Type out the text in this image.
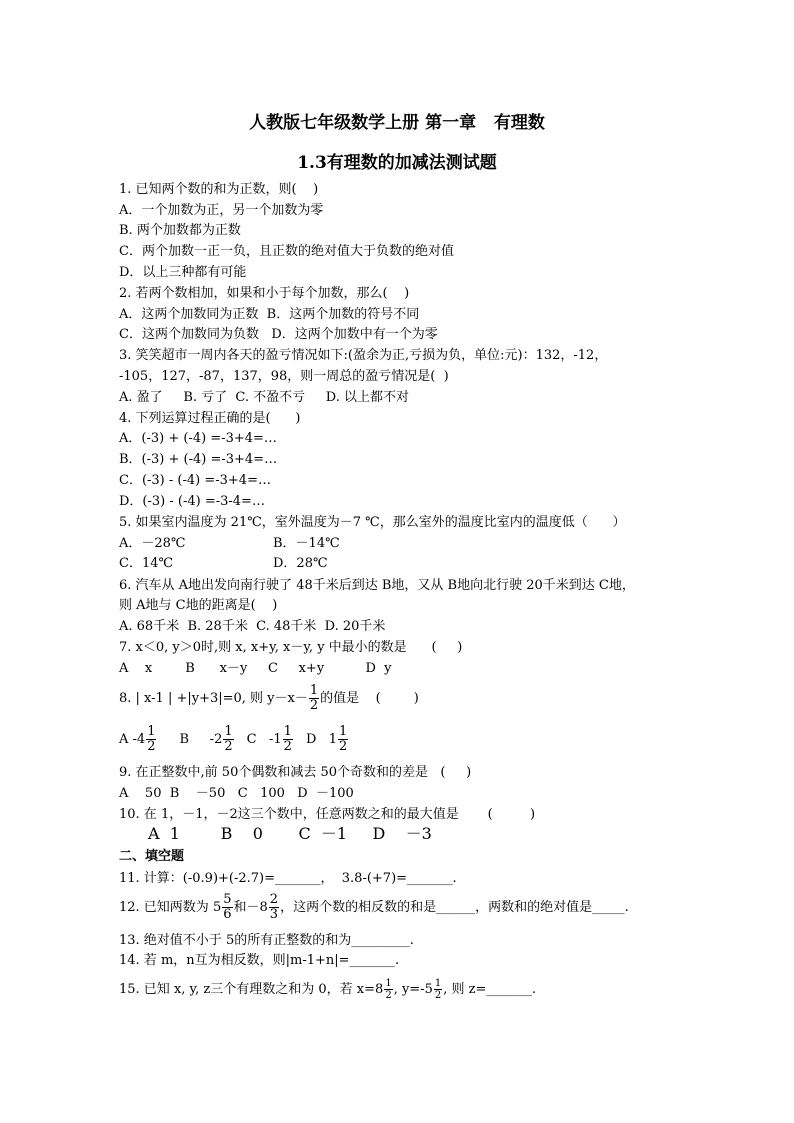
人教版七年级数学上册 第一章   有理数
1.3有理数的加减法测试题
1. 已知两个数的和为正数，则(    )
A．一个加数为正，另一个加数为零
B. 两个加数都为正数
C．两个加数一正一负，且正数的绝对值大于负数的绝对值
D．以上三种都有可能
2. 若两个数相加，如果和小于每个加数，那么(    )
A．这两个加数同为正数  B．这两个加数的符号不同
C．这两个加数同为负数   D．这两个加数中有一个为零
3. 笑笑超市一周内各天的盈亏情况如下:(盈余为正,亏损为负，单位:元)：132，-12，
-105，127，-87，137，98，则一周总的盈亏情况是(  )
A. 盈了     B. 亏了  C. 不盈不亏     D. 以上都不对
4. 下列运算过程正确的是(      )
A．(-3) + (-4) =-3+4=…
B．(-3) + (-4) =-3+4=…
C．(-3) - (-4) =-3+4=…
D．(-3) - (-4) =-3-4=…
5. 如果室内温度为 21℃，室外温度为－7 ℃，那么室外的温度比室内的温度低（      ）
A．－28℃	B．－14℃
C．14℃	D．28℃
6. 汽车从 A地出发向南行驶了 48千米后到达 B地，又从 B地向北行驶 20千米到达 C地，
则 A地与 C地的距离是(    )
A. 68千米  B. 28千米  C. 48千米  D. 20千米
7. x＜0, y＞0时,则 x, x+y, x－y, y 中最小的数是      (     )
A    x        B      x－y     C     x+y          D  y
8. | x-1 | +|y+3|=0, 则 $y-x- \frac{1}{2}$ 的值是    (        )
A $-4 \frac{1}{2}$ B     $-2 \frac{1}{2}$ C   $-1 \frac{1}{2}$ D   $1 \frac{1}{2}$
9. 在正整数中,前 50个偶数和减去 50个奇数和的差是   (     )
A    50  B    －50   C   100   D  －100
10. 在 1，－1，－2这三个数中，任意两数之和的最大值是       (         )
A  1        B    0       C  －1     D    －3
二、填空题
11. 计算：(-0.9)+(-2.7)=_______，  3.8-(+7)=_______.
12. 已知两数为 $5 \frac{5}{6}$ 和$-8 \frac{2}{3}$ ，这两个数的相反数的和是______，两数和的绝对值是_____.
13. 绝对值不小于 5的所有正整数的和为_________.
14. 若 m，n互为相反数，则|m-1+n|=_______.
15. 已知 x, y, z三个有理数之和为 0，若 $x=8 \frac{1}{2}$ , $y=-5 \frac{1}{2}$ , 则 z=_______.
